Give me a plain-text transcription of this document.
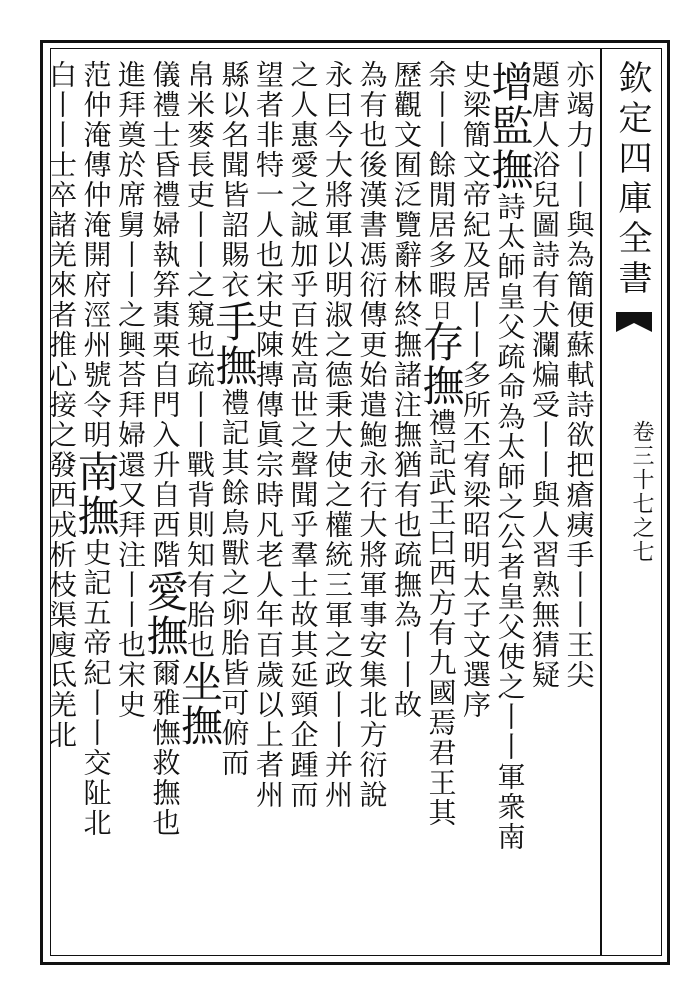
欽定四庫全書
卷三十七之七
亦竭力丨丨與為簡便蘇軾詩欲把瘡痍手丨丨王尖
題唐人浴兒圖詩有犬瀾煸受丨丨與人習熟無猜疑
增監撫詩太師皇父疏命為太師之公者皇父使之丨丨軍衆南
史梁簡文帝紀及居丨丨多所丕宥梁昭明太子文選序
余丨丨餘閒居多暇日存撫禮記武王曰西方有九國焉君王其
歷觀文囿泛覽辭林終撫諸注撫猶有也疏撫為丨丨故
為有也後漢書馮衍傳更始遣鮑永行大將軍事安集北方衍說
永曰今大將軍以明淑之德秉大使之權統三軍之政丨丨并州
之人惠愛之誠加乎百姓高世之聲聞乎羣士故其延頸企踵而
望者非特一人也宋史陳摶傳眞宗時凡老人年百歲以上者州
縣以名聞皆詔賜衣手撫禮記其餘鳥獸之卵胎皆可俯而
帛米麥長吏丨丨之窺也疏丨丨戰背則知有胎也坐撫
儀禮士昏禮婦執笲棗栗自門入升自西階愛撫爾雅憮救撫也
進拜奠於席舅丨丨之興荅拜婦還又拜注丨丨也宋史
范仲淹傳仲淹開府涇州號令明南撫史記五帝紀丨丨交阯北
白丨丨士卒諸羌來者推心接之發西戎析枝渠廋氐羌北
